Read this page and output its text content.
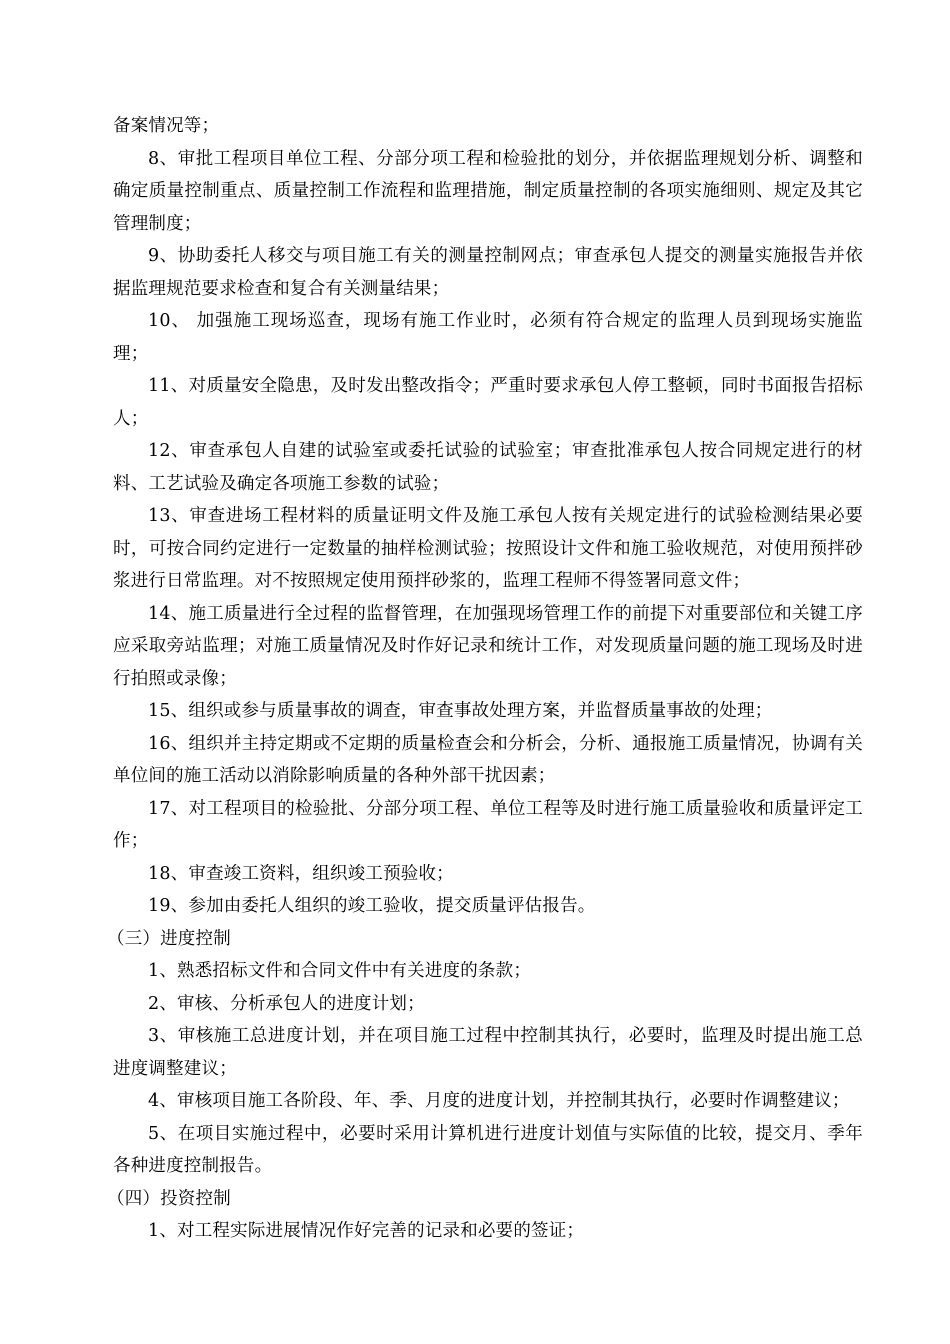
备案情况等；

8、审批工程项目单位工程、分部分项工程和检验批的划分，并依据监理规划分析、调整和确定质量控制重点、质量控制工作流程和监理措施，制定质量控制的各项实施细则、规定及其它管理制度；

9、协助委托人移交与项目施工有关的测量控制网点；审查承包人提交的测量实施报告并依据监理规范要求检查和复合有关测量结果；

10、 加强施工现场巡查，现场有施工作业时，必须有符合规定的监理人员到现场实施监理；

11、对质量安全隐患，及时发出整改指令；严重时要求承包人停工整顿，同时书面报告招标人；

12、审查承包人自建的试验室或委托试验的试验室；审查批准承包人按合同规定进行的材料、工艺试验及确定各项施工参数的试验；

13、审查进场工程材料的质量证明文件及施工承包人按有关规定进行的试验检测结果必要时，可按合同约定进行一定数量的抽样检测试验；按照设计文件和施工验收规范，对使用预拌砂浆进行日常监理。对不按照规定使用预拌砂浆的，监理工程师不得签署同意文件；

14、施工质量进行全过程的监督管理，在加强现场管理工作的前提下对重要部位和关键工序应采取旁站监理；对施工质量情况及时作好记录和统计工作，对发现质量问题的施工现场及时进行拍照或录像；

15、组织或参与质量事故的调查，审查事故处理方案，并监督质量事故的处理；

16、组织并主持定期或不定期的质量检查会和分析会，分析、通报施工质量情况，协调有关单位间的施工活动以消除影响质量的各种外部干扰因素；

17、对工程项目的检验批、分部分项工程、单位工程等及时进行施工质量验收和质量评定工作；

18、审查竣工资料，组织竣工预验收；

19、参加由委托人组织的竣工验收，提交质量评估报告。

（三）进度控制

1、熟悉招标文件和合同文件中有关进度的条款；

2、审核、分析承包人的进度计划；

3、审核施工总进度计划，并在项目施工过程中控制其执行，必要时，监理及时提出施工总进度调整建议；

4、审核项目施工各阶段、年、季、月度的进度计划，并控制其执行，必要时作调整建议；

5、在项目实施过程中，必要时采用计算机进行进度计划值与实际值的比较，提交月、季年各种进度控制报告。

（四）投资控制

1、对工程实际进展情况作好完善的记录和必要的签证；
